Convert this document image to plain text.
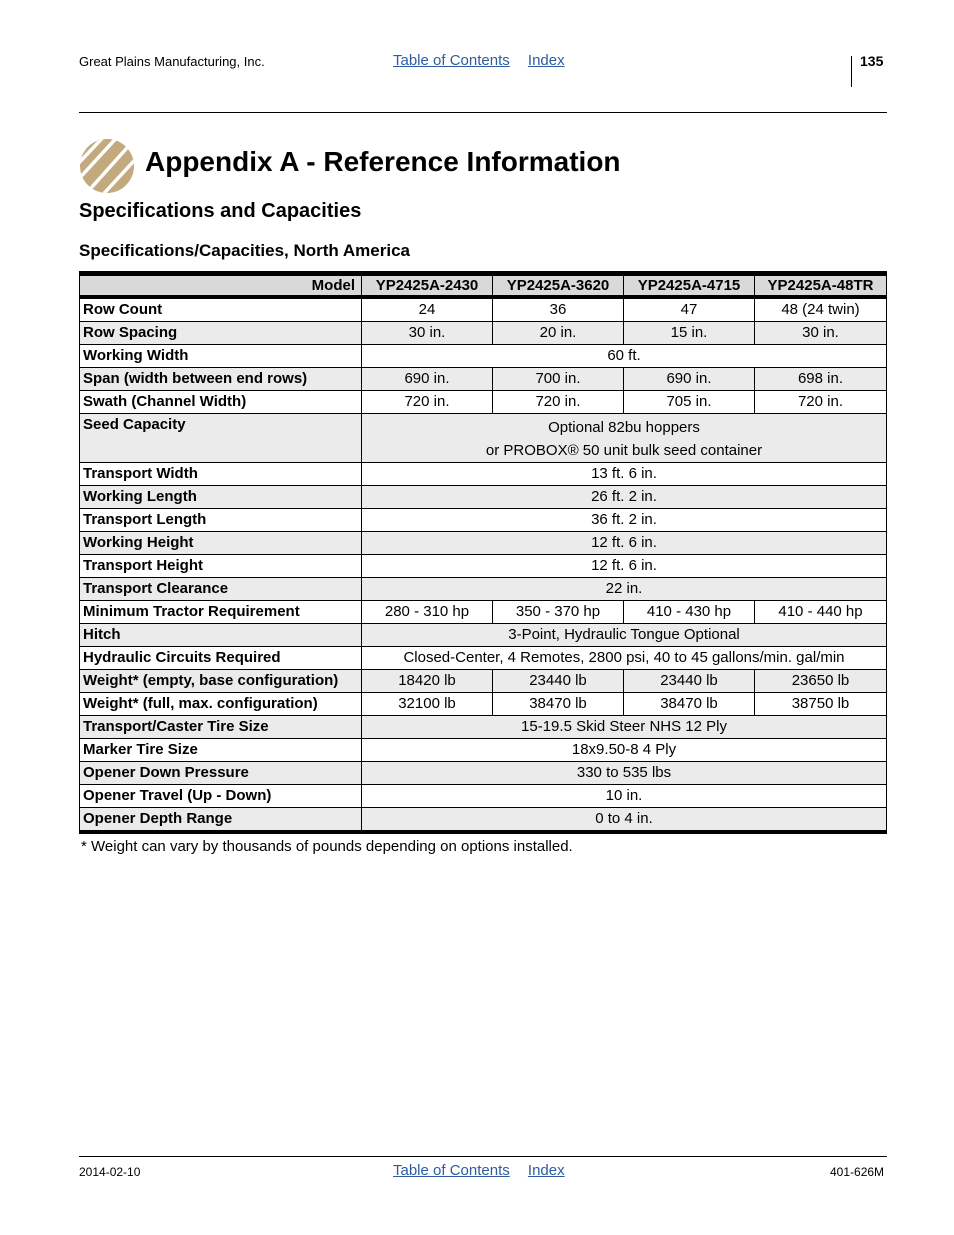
Great Plains Manufacturing, Inc.	Table of Contents Index	135
Appendix A - Reference Information
Specifications and Capacities
Specifications/Capacities, North America
Model	YP2425A-2430	YP2425A-3620	YP2425A-4715	YP2425A-48TR
Row Count	24	36	47	48 (24 twin)
Row Spacing	30 in.	20 in.	15 in.	30 in.
Working Width	60 ft.			
Span (width between end rows)	690 in.	700 in.	690 in.	698 in.
Swath (Channel Width)	720 in.	720 in.	705 in.	720 in.
Seed Capacity	Optional 82bu hoppers
or PROBOX® 50 unit bulk seed container			

Transport Width	13 ft. 6 in.			
Working Length	26 ft. 2 in.			
Transport Length	36 ft. 2 in.			
Working Height	12 ft. 6 in.			
Transport Height	12 ft. 6 in.			
Transport Clearance	22 in.			
Minimum Tractor Requirement	280 - 310 hp	350 - 370 hp	410 - 430 hp	410 - 440 hp
Hitch	3-Point, Hydraulic Tongue Optional			
Hydraulic Circuits Required	Closed-Center, 4 Remotes, 2800 psi, 40 to 45 gallons/min. gal/min			
Weight* (empty, base configuration)	18420 lb	23440 lb	23440 lb	23650 lb
Weight* (full, max. configuration)	32100 lb	38470 lb	38470 lb	38750 lb
Transport/Caster Tire Size	15-19.5 Skid Steer NHS 12 Ply			
Marker Tire Size	18x9.50-8 4 Ply			
Opener Down Pressure	330 to 535 lbs			
Opener Travel (Up - Down)	10 in.			
Opener Depth Range	0 to 4 in.			
* Weight can vary by thousands of pounds depending on options installed.
2014-02-10	Table of Contents Index	401-626M
